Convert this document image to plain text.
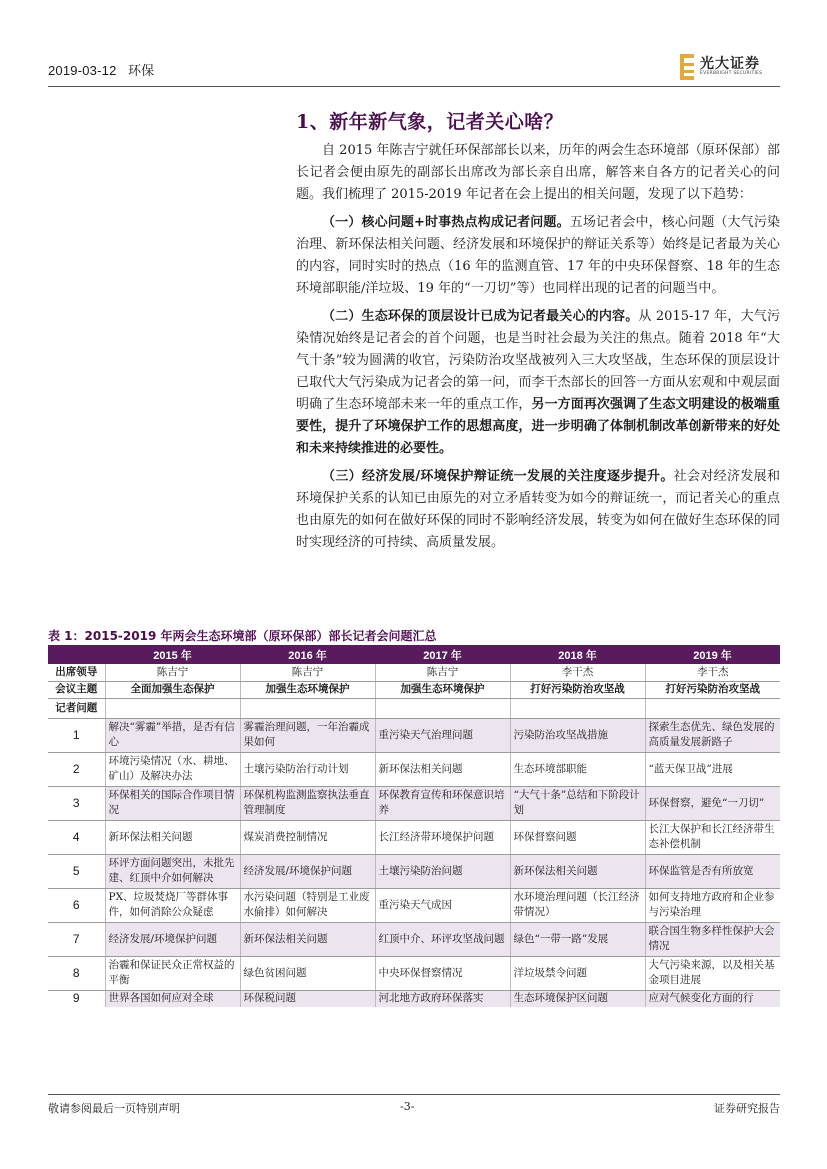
2019-03-12 环保	光大证券
EVERBRIGHT SECURITIES
1、新年新气象，记者关心啥？

自 2015 年陈吉宁就任环保部部长以来，历年的两会生态环境部（原环保部）部长记者会便由原先的副部长出席改为部长亲自出席，解答来自各方的记者关心的问题。我们梳理了 2015-2019 年记者在会上提出的相关问题，发现了以下趋势：

（一）核心问题+时事热点构成记者问题。五场记者会中，核心问题（大气污染治理、新环保法相关问题、经济发展和环境保护的辩证关系等）始终是记者最为关心的内容，同时实时的热点（16 年的监测直管、17 年的中央环保督察、18 年的生态环境部职能/洋垃圾、19 年的“一刀切”等）也同样出现的记者的问题当中。

（二）生态环保的顶层设计已成为记者最关心的内容。从 2015-17 年，大气污染情况始终是记者会的首个问题，也是当时社会最为关注的焦点。随着 2018 年“大气十条”较为圆满的收官，污染防治攻坚战被列入三大攻坚战，生态环保的顶层设计已取代大气污染成为记者会的第一问，而李干杰部长的回答一方面从宏观和中观层面明确了生态环境部未来一年的重点工作，另一方面再次强调了生态文明建设的极端重要性，提升了环境保护工作的思想高度，进一步明确了体制机制改革创新带来的好处和未来持续推进的必要性。

（三）经济发展/环境保护辩证统一发展的关注度逐步提升。社会对经济发展和环境保护关系的认知已由原先的对立矛盾转变为如今的辩证统一，而记者关心的重点也由原先的如何在做好环保的同时不影响经济发展，转变为如何在做好生态环保的同时实现经济的可持续、高质量发展。

表 1：2015-2019 年两会生态环境部（原环保部）部长记者会问题汇总
	2015 年	2016 年	2017 年	2018 年	2019 年
出席领导	陈吉宁	陈吉宁	陈吉宁	李干杰	李干杰
会议主题	全面加强生态保护	加强生态环境保护	加强生态环境保护	打好污染防治攻坚战	打好污染防治攻坚战
记者问题					
1	解决“雾霾”举措，是否有信心	雾霾治理问题，一年治霾成果如何	重污染天气治理问题	污染防治攻坚战措施	探索生态优先、绿色发展的高质量发展新路子
2	环境污染情况（水、耕地、矿山）及解决办法	土壤污染防治行动计划	新环保法相关问题	生态环境部职能	“蓝天保卫战”进展
3	环保相关的国际合作项目情况	环保机构监测监察执法垂直管理制度	环保教育宣传和环保意识培养	“大气十条”总结和下阶段计划	环保督察，避免“一刀切”
4	新环保法相关问题	煤炭消费控制情况	长江经济带环境保护问题	环保督察问题	长江大保护和长江经济带生态补偿机制
5	环评方面问题突出，未批先建、红顶中介如何解决	经济发展/环境保护问题	土壤污染防治问题	新环保法相关问题	环保监管是否有所放宽
6	PX、垃圾焚烧厂等群体事件，如何消除公众疑虑	水污染问题（特别是工业废水偷排）如何解决	重污染天气成因	水环境治理问题（长江经济带情况）	如何支持地方政府和企业参与污染治理
7	经济发展/环境保护问题	新环保法相关问题	红顶中介、环评攻坚战问题	绿色“一带一路”发展	联合国生物多样性保护大会情况
8	治霾和保证民众正常权益的平衡	绿色贫困问题	中央环保督察情况	洋垃圾禁令问题	大气污染来源，以及相关基金项目进展
9	世界各国如何应对全球	环保税问题	河北地方政府环保落实	生态环境保护区问题	应对气候变化方面的行
敬请参阅最后一页特别声明	-3-	证券研究报告
